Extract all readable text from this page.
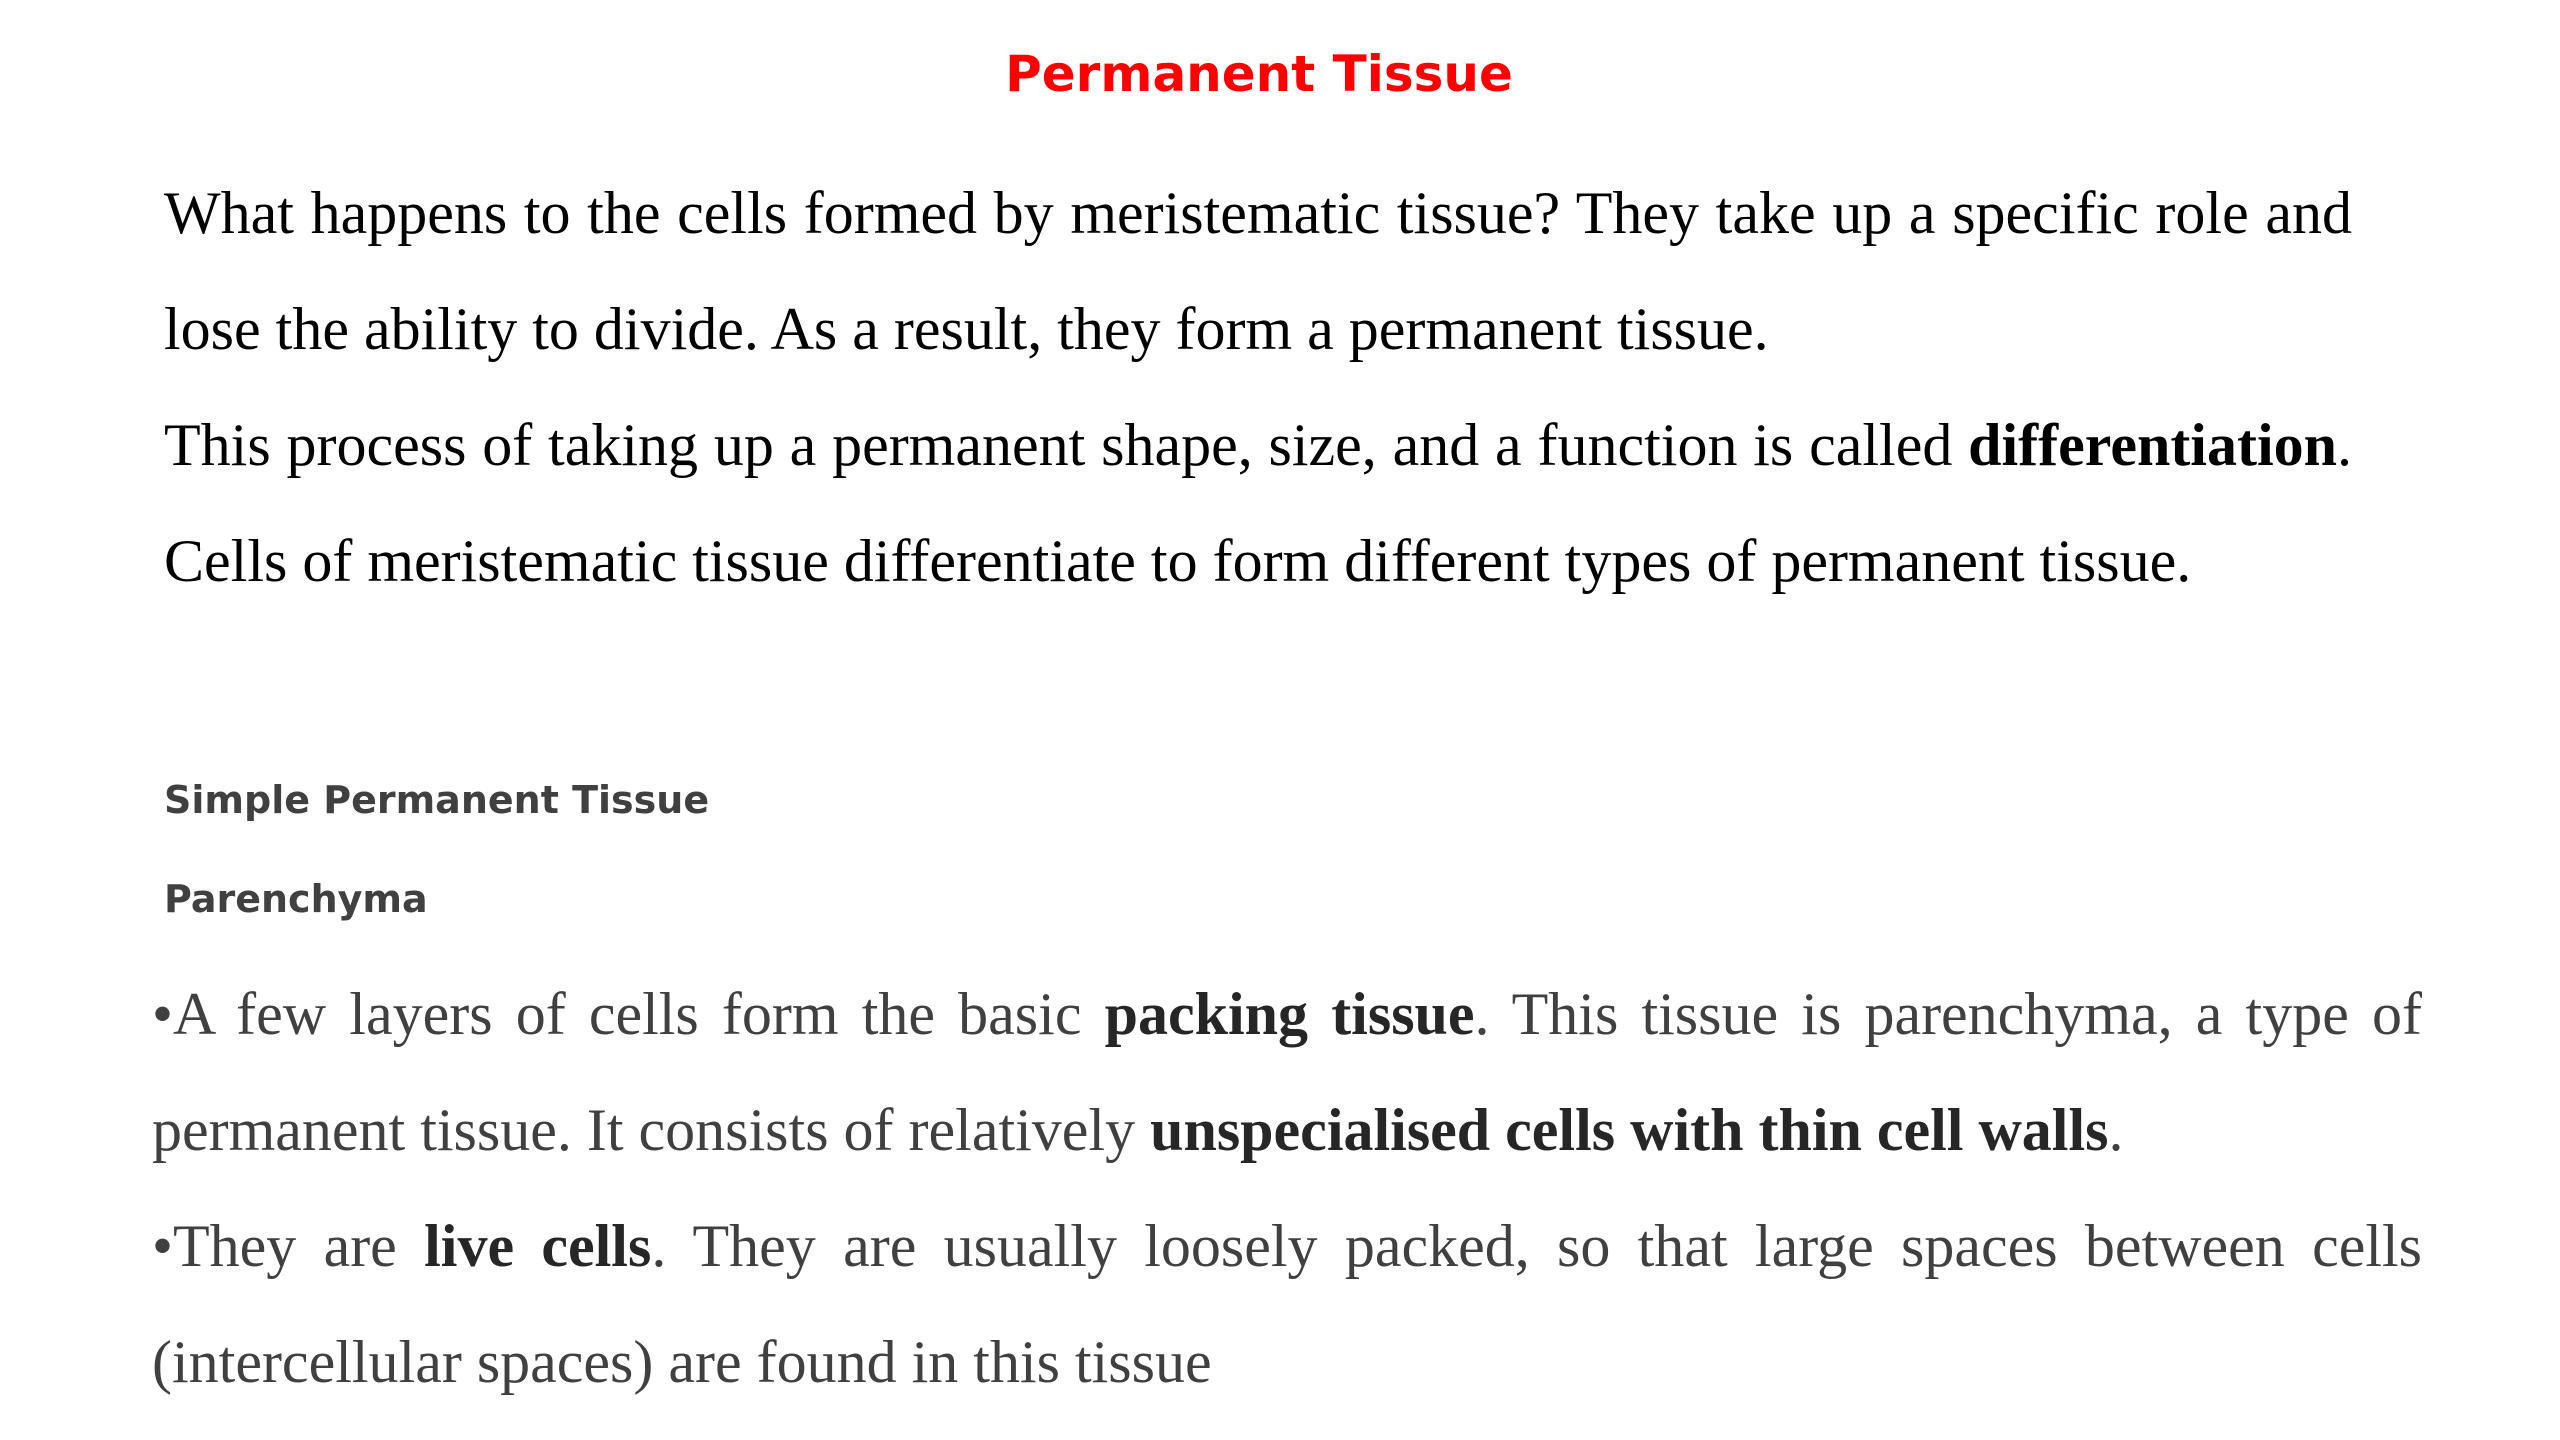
Permanent Tissue

What happens to the cells formed by meristematic tissue? They take up a specific role and lose the ability to divide. As a result, they form a permanent tissue.

This process of taking up a permanent shape, size, and a function is called differentiation. Cells of meristematic tissue differentiate to form different types of permanent tissue.

Simple Permanent Tissue
Parenchyma

•A few layers of cells form the basic packing tissue. This tissue is parenchyma, a type of permanent tissue. It consists of relatively unspecialised cells with thin cell walls.

•They are live cells. They are usually loosely packed, so that large spaces between cells (intercellular spaces) are found in this tissue
